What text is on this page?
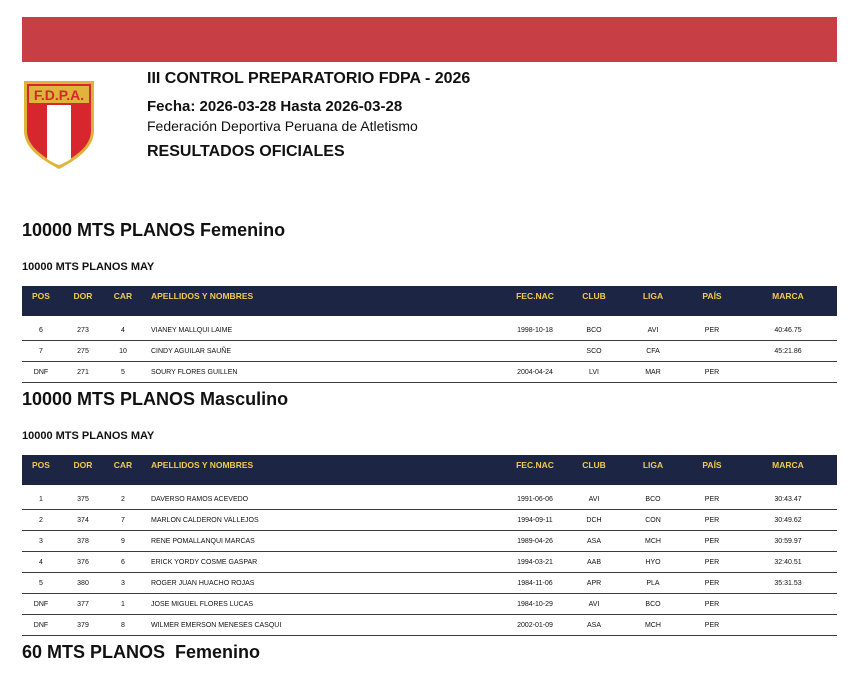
F.D.P.A.
III CONTROL PREPARATORIO FDPA - 2026
Fecha: 2026-03-28 Hasta 2026-03-28
Federación Deportiva Peruana de Atletismo
RESULTADOS OFICIALES
10000 MTS PLANOS Femenino
10000 MTS PLANOS MAY
POS	DOR	CAR	APELLIDOS Y NOMBRES	FEC.NAC	CLUB	LIGA	PAÍS	MARCA

6	273	4	VIANEY MALLQUI LAIME	1998-10-18	BCO	AVI	PER	40:46.75
7	275	10	CINDY AGUILAR SAUÑE		SCO	CFA		45:21.86
DNF	271	5	SOURY FLORES GUILLEN	2004-04-24	LVI	MAR	PER	
10000 MTS PLANOS Masculino
10000 MTS PLANOS MAY
POS	DOR	CAR	APELLIDOS Y NOMBRES	FEC.NAC	CLUB	LIGA	PAÍS	MARCA

1	375	2	DAVERSO RAMOS ACEVEDO	1991-06-06	AVI	BCO	PER	30:43.47
2	374	7	MARLON CALDERON VALLEJOS	1994-09-11	DCH	CON	PER	30:49.62
3	378	9	RENE POMALLANQUI MARCAS	1989-04-26	ASA	MCH	PER	30:59.97
4	376	6	ERICK YORDY COSME GASPAR	1994-03-21	AAB	HYO	PER	32:40.51
5	380	3	ROGER JUAN HUACHO ROJAS	1984-11-06	APR	PLA	PER	35:31.53
DNF	377	1	JOSE MIGUEL FLORES LUCAS	1984-10-29	AVI	BCO	PER	
DNF	379	8	WILMER EMERSON MENESES CASQUI	2002-01-09	ASA	MCH	PER	
60 MTS PLANOS  Femenino
